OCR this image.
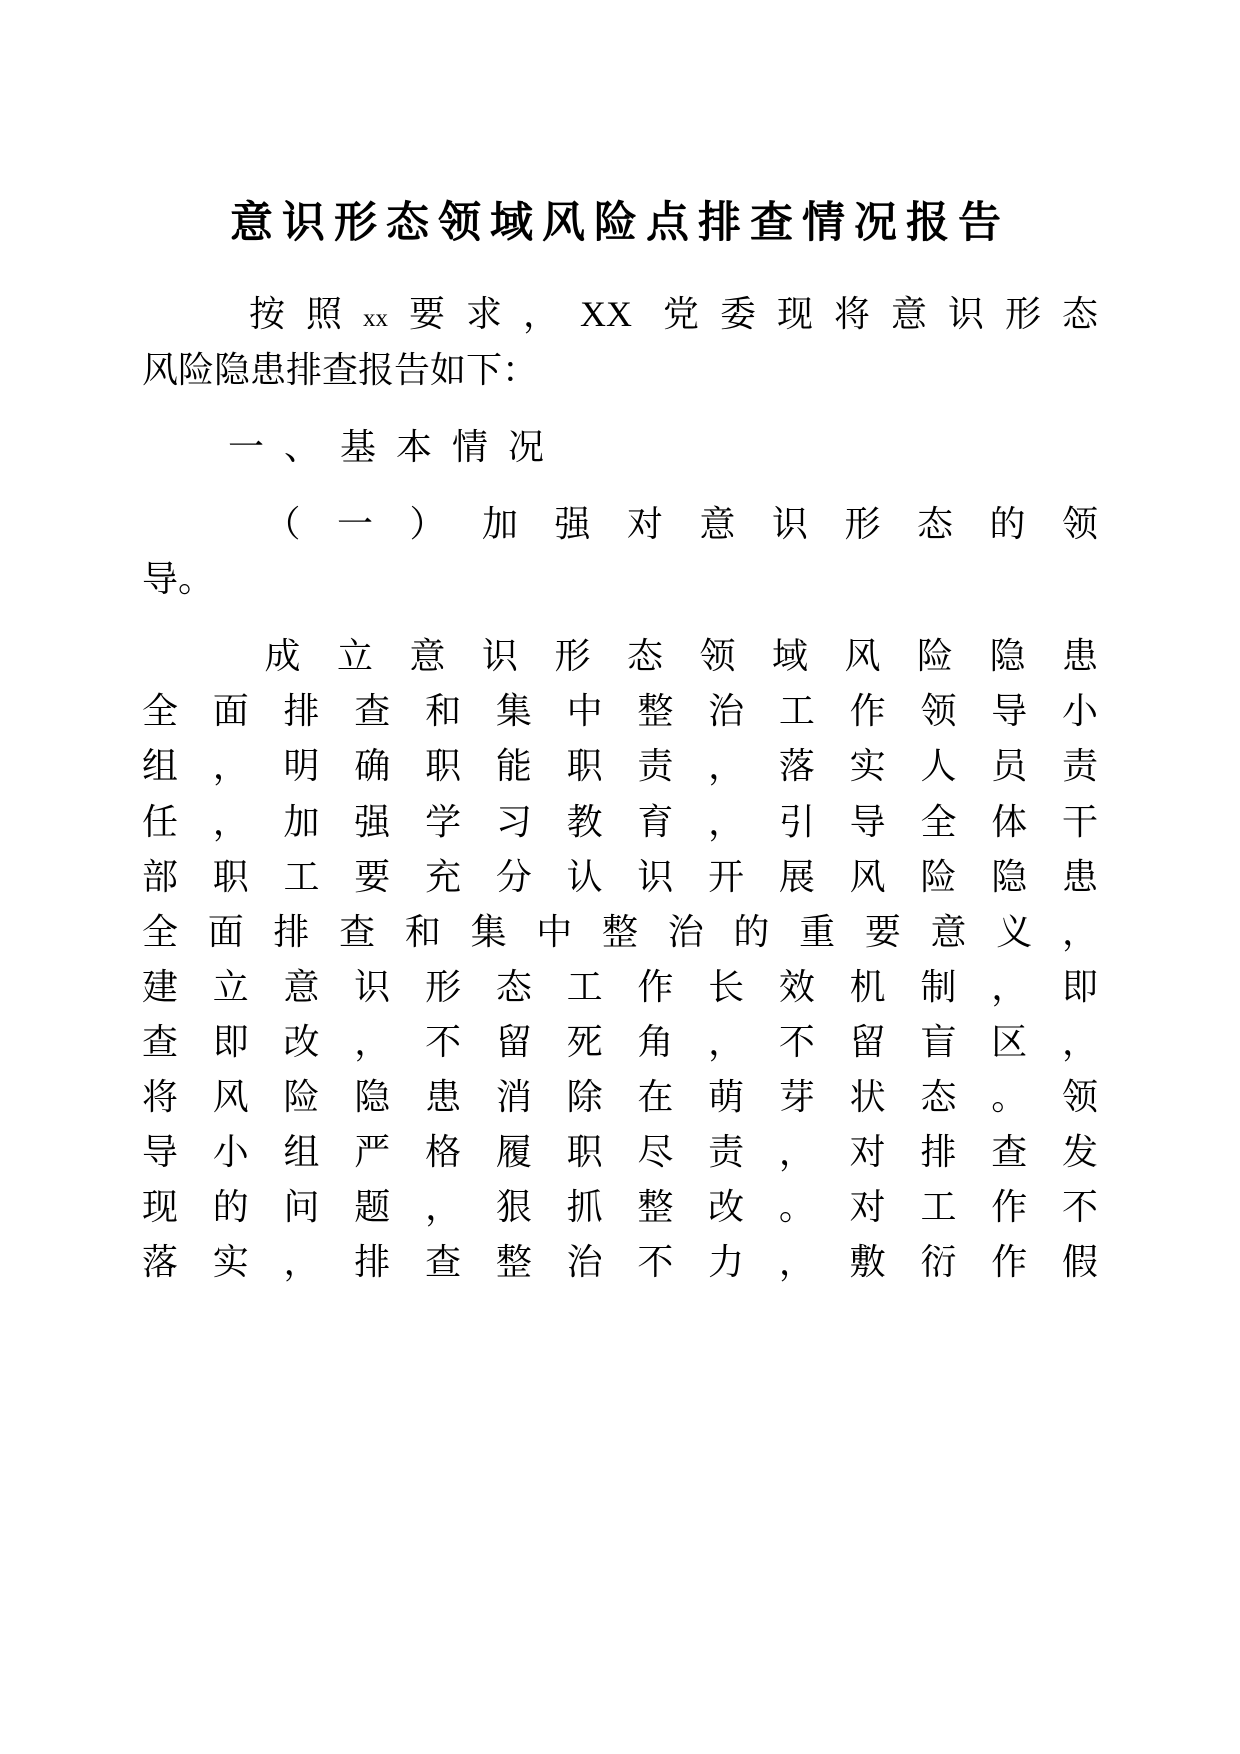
意识形态领域风险点排查情况报告
按照xx要求，XX 党委现将意识形态
风险隐患排查报告如下：
一、基本情况
（一）加强对意识形态的领
导。
成立意识形态领域风险隐患
全面排查和集中整治工作领导小
组，明确职能职责，落实人员责
任，加强学习教育，引导全体干
部职工要充分认识开展风险隐患
全面排查和集中整治的重要意义，
建立意识形态工作长效机制，即
查即改，不留死角，不留盲区，
将风险隐患消除在萌芽状态。领
导小组严格履职尽责，对排查发
现的问题，狠抓整改。对工作不
落实，排查整治不力，敷衍作假
